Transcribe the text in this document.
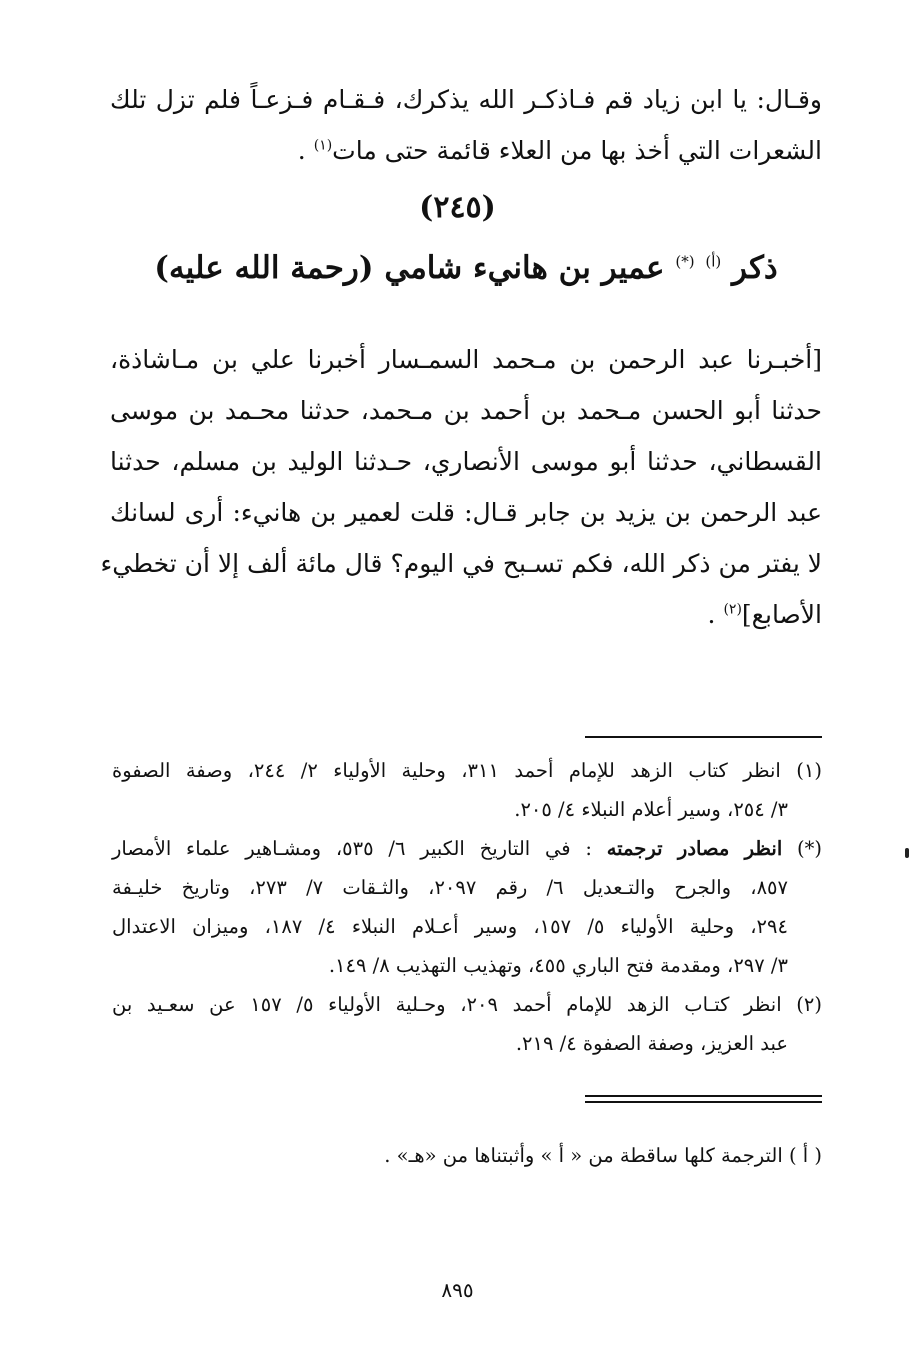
وقـال: يا ابن زياد قم فـاذكـر الله يذكرك، فـقـام فـزعـاً فلم تزل تلك
الشعرات التي أخذ بها من العلاء قائمة حتى مات$^{(١)}$ .
(٢٤٥)
ذكر $^{(أ)}$ (*) عمير بن هانيء شامي (رحمة الله عليه)
[أخبـرنا عبد الرحمن بن مـحمد السمـسار أخبرنا علي بن مـاشاذة،
حدثنا أبو الحسن مـحمد بن أحمد بن مـحمد، حدثنا محـمد بن موسى
القسطاني، حدثنا أبو موسى الأنصاري، حـدثنا الوليد بن مسلم، حدثنا
عبد الرحمن بن يزيد بن جابر قـال: قلت لعمير بن هانيء: أرى لسانك
لا يفتر من ذكر الله، فكم تسـبح في اليوم؟ قال مائة ألف إلا أن تخطيء
الأصابع]$^{(٢)}$ .
(١) انظر كتاب الزهد للإمام أحمد ٣١١، وحلية الأولياء ٢/ ٢٤٤، وصفة الصفوة
٣/ ٢٥٤، وسير أعلام النبلاء ٤/ ٢٠٥.
(*) انظر مصادر ترجمته : في التاريخ الكبير ٦/ ٥٣٥، ومشـاهير علماء الأمصار
٨٥٧، والجرح والتـعديل ٦/ رقم ٢٠٩٧، والثـقات ٧/ ٢٧٣، وتاريخ خليـفة
٢٩٤، وحلية الأولياء ٥/ ١٥٧، وسير أعـلام النبلاء ٤/ ١٨٧، وميزان الاعتدال
٣/ ٢٩٧، ومقدمة فتح الباري ٤٥٥، وتهذيب التهذيب ٨/ ١٤٩.
(٢) انظر كتـاب الزهد للإمام أحمد ٢٠٩، وحـلية الأولياء ٥/ ١٥٧ عن سعـيد بن
عبد العزيز، وصفة الصفوة ٤/ ٢١٩.
( أ ) الترجمة كلها ساقطة من « أ » وأثبتناها من «هـ» .
٨٩٥
